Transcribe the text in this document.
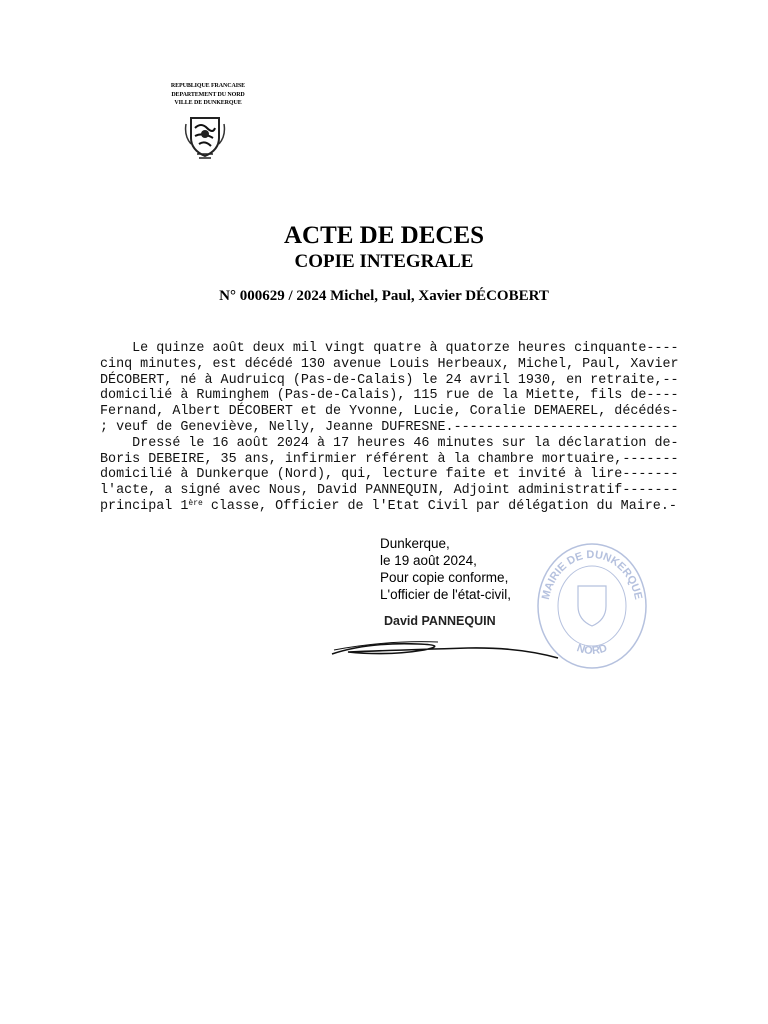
REPUBLIQUE FRANCAISE
DEPARTEMENT DU NORD
VILLE DE DUNKERQUE
ACTE DE DECES
COPIE INTEGRALE
N° 000629 / 2024 Michel, Paul, Xavier DÉCOBERT
Le quinze août deux mil vingt quatre à quatorze heures cinquante----
cinq minutes, est décédé 130 avenue Louis Herbeaux, Michel, Paul, Xavier
DÉCOBERT, né à Audruicq (Pas-de-Calais) le 24 avril 1930, en retraite,--
domicilié à Ruminghem (Pas-de-Calais), 115 rue de la Miette, fils de----
Fernand, Albert DÉCOBERT et de Yvonne, Lucie, Coralie DEMAEREL, décédés-
; veuf de Geneviève, Nelly, Jeanne DUFRESNE.----------------------------
Dressé le 16 août 2024 à 17 heures 46 minutes sur la déclaration de-
Boris DEBEIRE, 35 ans, infirmier référent à la chambre mortuaire,-------
domicilié à Dunkerque (Nord), qui, lecture faite et invité à lire-------
l'acte, a signé avec Nous, David PANNEQUIN, Adjoint administratif-------
principal 1ère classe, Officier de l'Etat Civil par délégation du Maire.-
Dunkerque,
le 19 août 2024,
Pour copie conforme,
L'officier de l'état-civil,
David PANNEQUIN
MAIRIE DE DUNKERQUE
NORD
